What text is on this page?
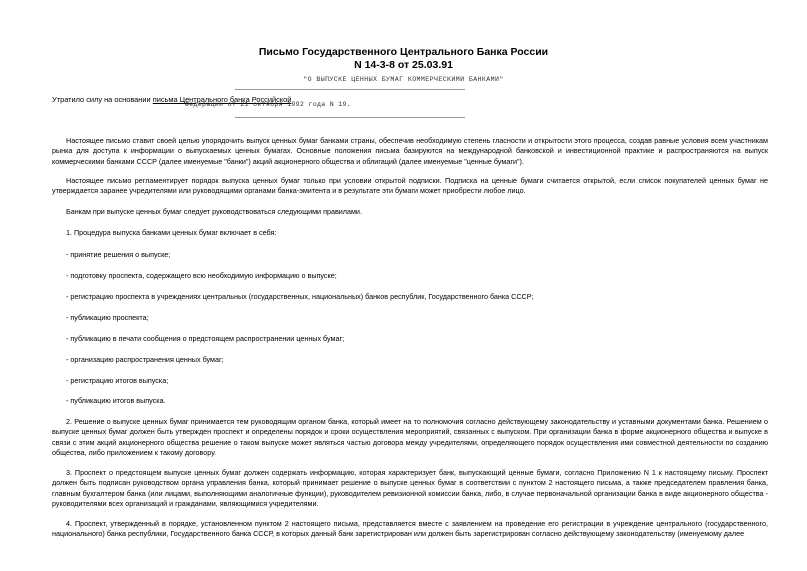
Письмо Государственного Центрального Банка России
N 14-3-8 от 25.03.91
"О ВЫПУСКЕ ЦЕННЫХ БУМАГ КОММЕРЧЕСКИМИ БАНКАМИ"
Утратило силу на основании письма Центрального банка Российской
Федерации от 21 октября 1992 года N 19.

Настоящее письмо ставит своей целью упорядочить выпуск ценных бумаг банками страны, обеспечив необходимую степень гласности и открытости этого процесса, создав равные условия всем участникам рынка для доступа к информации о выпускаемых ценных бумагах. Основные положения письма базируются на международной банковской и инвестиционной практике и распространяются на выпуск коммерческими банками СССР (далее именуемые "банки") акций акционерного общества и облигаций (далее именуемые "ценные бумаги").

Настоящее письмо регламентирует порядок выпуска ценных бумаг только при условии открытой подписки. Подписка на ценные бумаги считается открытой, если список покупателей ценных бумаг не утверждается заранее учредителями или руководящими органами банка-эмитента и в результате эти бумаги может приобрести любое лицо.

Банкам при выпуске ценных бумаг следует руководствоваться следующими правилами.

1. Процедура выпуска банками ценных бумаг включает в себя:

- принятие решения о выпуске;

- подготовку проспекта, содержащего всю необходимую информацию о выпуске;

- регистрацию проспекта в учреждениях центральных (государственных, национальных) банков республик, Государственного банка СССР;

- публикацию проспекта;

- публикацию в печати сообщения о предстоящем распространении ценных бумаг;

- организацию распространения ценных бумаг;

- регистрацию итогов выпуска;

- публикацию итогов выпуска.

2. Решение о выпуске ценных бумаг принимается тем руководящим органом банка, который имеет на то полномочия согласно действующему законодательству и уставными документами банка. Решением о выпуске ценных бумаг должен быть утвержден проспект и определены порядок и сроки осуществления мероприятий, связанных с выпуском. При организации банка в форме акционерного общества и выпуске в связи с этим акций акционерного общества решение о таком выпуске может являться частью договора между учредителями, определяющего порядок осуществления ими совместной деятельности по созданию общества, либо приложением к такому договору.

3. Проспект о предстоящем выпуске ценных бумаг должен содержать информацию, которая характеризует банк, выпускающий ценные бумаги, согласно Приложению N 1 к настоящему письму. Проспект должен быть подписан руководством органа управления банка, который принимает решение о выпуске ценных бумаг в соответствии с пунктом 2 настоящего письма, а также председателем правления банка, главным бухгалтером банка (или лицами, выполняющими аналогичные функции), руководителем ревизионной комиссии банка, либо, в случае первоначальной организации банка в виде акционерного общества - руководителями всех организаций и гражданами, являющимися учредителями.

4. Проспект, утвержденный в порядке, установленном пунктом 2 настоящего письма, представляется вместе с заявлением на проведение его регистрации в учреждение центрального (государственного, национального) банка республики, Государственного банка СССР, в которых данный банк зарегистрирован или должен быть зарегистрирован согласно действующему законодательству (именуемому далее
